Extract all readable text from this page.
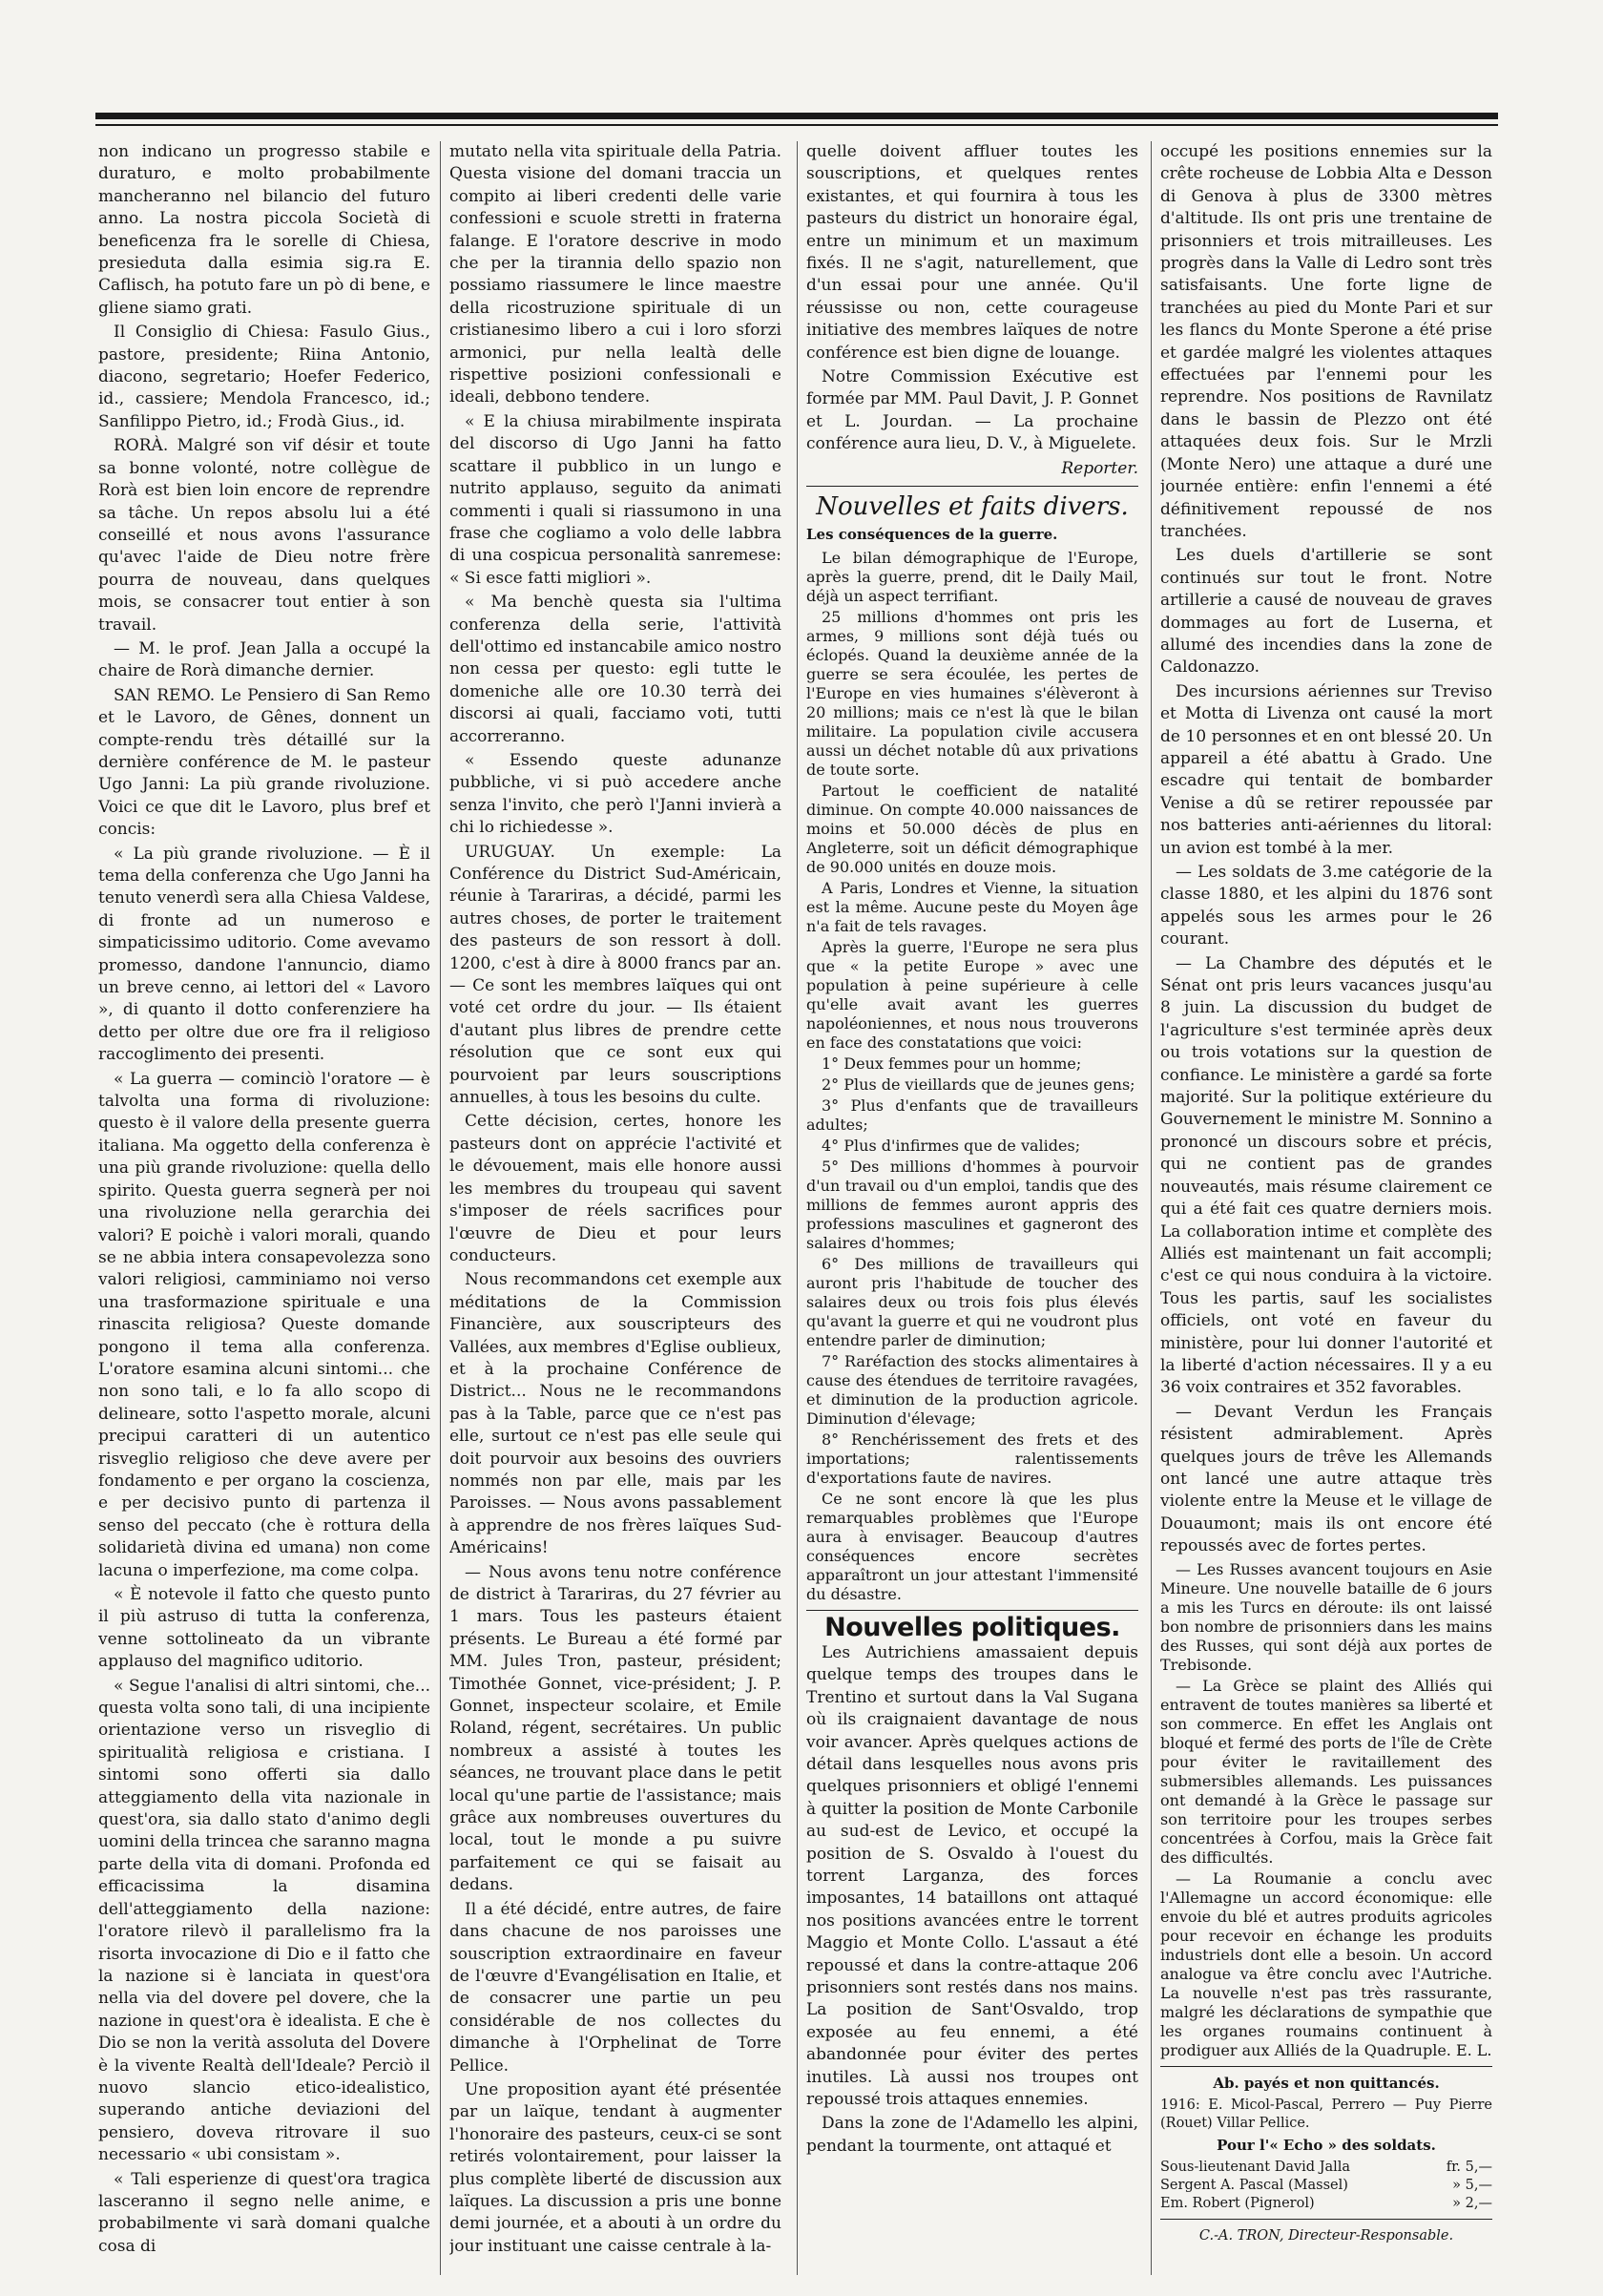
non indicano un progresso stabile e duraturo, e molto probabilmente mancheranno nel bilancio del futuro anno. La nostra piccola Società di beneficenza fra le sorelle di Chiesa, presieduta dalla esimia sig.ra E. Caflisch, ha potuto fare un pò di bene, e gliene siamo grati.

Il Consiglio di Chiesa: Fasulo Gius., pastore, presidente; Riina Antonio, diacono, segretario; Hoefer Federico, id., cassiere; Mendola Francesco, id.; Sanfilippo Pietro, id.; Frodà Gius., id.

RORÀ. Malgré son vif désir et toute sa bonne volonté, notre collègue de Rorà est bien loin encore de reprendre sa tâche. Un repos absolu lui a été conseillé et nous avons l'assurance qu'avec l'aide de Dieu notre frère pourra de nouveau, dans quelques mois, se consacrer tout entier à son travail.

— M. le prof. Jean Jalla a occupé la chaire de Rorà dimanche dernier.

SAN REMO. Le Pensiero di San Remo et le Lavoro, de Gênes, donnent un compte-rendu très détaillé sur la dernière conférence de M. le pasteur Ugo Janni: La più grande rivoluzione. Voici ce que dit le Lavoro, plus bref et concis:

« La più grande rivoluzione. — È il tema della conferenza che Ugo Janni ha tenuto venerdì sera alla Chiesa Valdese, di fronte ad un numeroso e simpaticissimo uditorio. Come avevamo promesso, dandone l'annuncio, diamo un breve cenno, ai lettori del « Lavoro », di quanto il dotto conferenziere ha detto per oltre due ore fra il religioso raccoglimento dei presenti.

« La guerra — cominciò l'oratore — è talvolta una forma di rivoluzione: questo è il valore della presente guerra italiana. Ma oggetto della conferenza è una più grande rivoluzione: quella dello spirito. Questa guerra segnerà per noi una rivoluzione nella gerarchia dei valori? E poichè i valori morali, quando se ne abbia intera consapevolezza sono valori religiosi, camminiamo noi verso una trasformazione spirituale e una rinascita religiosa? Queste domande pongono il tema alla conferenza. L'oratore esamina alcuni sintomi... che non sono tali, e lo fa allo scopo di delineare, sotto l'aspetto morale, alcuni precipui caratteri di un autentico risveglio religioso che deve avere per fondamento e per organo la coscienza, e per decisivo punto di partenza il senso del peccato (che è rottura della solidarietà divina ed umana) non come lacuna o imperfezione, ma come colpa.

« È notevole il fatto che questo punto il più astruso di tutta la conferenza, venne sottolineato da un vibrante applauso del magnifico uditorio.

« Segue l'analisi di altri sintomi, che... questa volta sono tali, di una incipiente orientazione verso un risveglio di spiritualità religiosa e cristiana. I sintomi sono offerti sia dallo atteggiamento della vita nazionale in quest'ora, sia dallo stato d'animo degli uomini della trincea che saranno magna parte della vita di domani. Profonda ed efficacissima la disamina dell'atteggiamento della nazione: l'oratore rilevò il parallelismo fra la risorta invocazione di Dio e il fatto che la nazione si è lanciata in quest'ora nella via del dovere pel dovere, che la nazione in quest'ora è idealista. E che è Dio se non la verità assoluta del Dovere è la vivente Realtà dell'Ideale? Perciò il nuovo slancio etico-idealistico, superando antiche deviazioni del pensiero, doveva ritrovare il suo necessario « ubi consistam ».

« Tali esperienze di quest'ora tragica lasceranno il segno nelle anime, e probabilmente vi sarà domani qualche cosa di

mutato nella vita spirituale della Patria. Questa visione del domani traccia un compito ai liberi credenti delle varie confessioni e scuole stretti in fraterna falange. E l'oratore descrive in modo che per la tirannia dello spazio non possiamo riassumere le lince maestre della ricostruzione spirituale di un cristianesimo libero a cui i loro sforzi armonici, pur nella lealtà delle rispettive posizioni confessionali e ideali, debbono tendere.

« E la chiusa mirabilmente inspirata del discorso di Ugo Janni ha fatto scattare il pubblico in un lungo e nutrito applauso, seguito da animati commenti i quali si riassumono in una frase che cogliamo a volo delle labbra di una cospicua personalità sanremese: « Si esce fatti migliori ».

« Ma benchè questa sia l'ultima conferenza della serie, l'attività dell'ottimo ed instancabile amico nostro non cessa per questo: egli tutte le domeniche alle ore 10.30 terrà dei discorsi ai quali, facciamo voti, tutti accorreranno.

« Essendo queste adunanze pubbliche, vi si può accedere anche senza l'invito, che però l'Janni invierà a chi lo richiedesse ».

URUGUAY. Un exemple: La Conférence du District Sud-Américain, réunie à Tarariras, a décidé, parmi les autres choses, de porter le traitement des pasteurs de son ressort à doll. 1200, c'est à dire à 8000 francs par an. — Ce sont les membres laïques qui ont voté cet ordre du jour. — Ils étaient d'autant plus libres de prendre cette résolution que ce sont eux qui pourvoient par leurs souscriptions annuelles, à tous les besoins du culte.

Cette décision, certes, honore les pasteurs dont on apprécie l'activité et le dévouement, mais elle honore aussi les membres du troupeau qui savent s'imposer de réels sacrifices pour l'œuvre de Dieu et pour leurs conducteurs.

Nous recommandons cet exemple aux méditations de la Commission Financière, aux souscripteurs des Vallées, aux membres d'Eglise oublieux, et à la prochaine Conférence de District... Nous ne le recommandons pas à la Table, parce que ce n'est pas elle, surtout ce n'est pas elle seule qui doit pourvoir aux besoins des ouvriers nommés non par elle, mais par les Paroisses. — Nous avons passablement à apprendre de nos frères laïques Sud-Américains!

— Nous avons tenu notre conférence de district à Tarariras, du 27 février au 1 mars. Tous les pasteurs étaient présents. Le Bureau a été formé par MM. Jules Tron, pasteur, président; Timothée Gonnet, vice-président; J. P. Gonnet, inspecteur scolaire, et Emile Roland, régent, secrétaires. Un public nombreux a assisté à toutes les séances, ne trouvant place dans le petit local qu'une partie de l'assistance; mais grâce aux nombreuses ouvertures du local, tout le monde a pu suivre parfaitement ce qui se faisait au dedans.

Il a été décidé, entre autres, de faire dans chacune de nos paroisses une souscription extraordinaire en faveur de l'œuvre d'Evangélisation en Italie, et de consacrer une partie un peu considérable de nos collectes du dimanche à l'Orphelinat de Torre Pellice.

Une proposition ayant été présentée par un laïque, tendant à augmenter l'honoraire des pasteurs, ceux-ci se sont retirés volontairement, pour laisser la plus complète liberté de discussion aux laïques. La discussion a pris une bonne demi journée, et a abouti à un ordre du jour instituant une caisse centrale à la-

quelle doivent affluer toutes les souscriptions, et quelques rentes existantes, et qui fournira à tous les pasteurs du district un honoraire égal, entre un minimum et un maximum fixés. Il ne s'agit, naturellement, que d'un essai pour une année. Qu'il réussisse ou non, cette courageuse initiative des membres laïques de notre conférence est bien digne de louange.

Notre Commission Exécutive est formée par MM. Paul Davit, J. P. Gonnet et L. Jourdan. — La prochaine conférence aura lieu, D. V., à Miguelete.

Reporter.

Nouvelles et faits divers.

Les conséquences de la guerre.

Le bilan démographique de l'Europe, après la guerre, prend, dit le Daily Mail, déjà un aspect terrifiant.

25 millions d'hommes ont pris les armes, 9 millions sont déjà tués ou éclopés. Quand la deuxième année de la guerre se sera écoulée, les pertes de l'Europe en vies humaines s'élèveront à 20 millions; mais ce n'est là que le bilan militaire. La population civile accusera aussi un déchet notable dû aux privations de toute sorte.

Partout le coefficient de natalité diminue. On compte 40.000 naissances de moins et 50.000 décès de plus en Angleterre, soit un déficit démographique de 90.000 unités en douze mois.

A Paris, Londres et Vienne, la situation est la même. Aucune peste du Moyen âge n'a fait de tels ravages.

Après la guerre, l'Europe ne sera plus que « la petite Europe » avec une population à peine supérieure à celle qu'elle avait avant les guerres napoléoniennes, et nous nous trouverons en face des constatations que voici:

1° Deux femmes pour un homme;

2° Plus de vieillards que de jeunes gens;

3° Plus d'enfants que de travailleurs adultes;

4° Plus d'infirmes que de valides;

5° Des millions d'hommes à pourvoir d'un travail ou d'un emploi, tandis que des millions de femmes auront appris des professions masculines et gagneront des salaires d'hommes;

6° Des millions de travailleurs qui auront pris l'habitude de toucher des salaires deux ou trois fois plus élevés qu'avant la guerre et qui ne voudront plus entendre parler de diminution;

7° Raréfaction des stocks alimentaires à cause des étendues de territoire ravagées, et diminution de la production agricole. Diminution d'élevage;

8° Renchérissement des frets et des importations; ralentissements d'exportations faute de navires.

Ce ne sont encore là que les plus remarquables problèmes que l'Europe aura à envisager. Beaucoup d'autres conséquences encore secrètes apparaîtront un jour attestant l'immensité du désastre.

Nouvelles politiques.

Les Autrichiens amassaient depuis quelque temps des troupes dans le Trentino et surtout dans la Val Sugana où ils craignaient davantage de nous voir avancer. Après quelques actions de détail dans lesquelles nous avons pris quelques prisonniers et obligé l'ennemi à quitter la position de Monte Carbonile au sud-est de Levico, et occupé la position de S. Osvaldo à l'ouest du torrent Larganza, des forces imposantes, 14 bataillons ont attaqué nos positions avancées entre le torrent Maggio et Monte Collo. L'assaut a été repoussé et dans la contre-attaque 206 prisonniers sont restés dans nos mains. La position de Sant'Osvaldo, trop exposée au feu ennemi, a été abandonnée pour éviter des pertes inutiles. Là aussi nos troupes ont repoussé trois attaques ennemies.

Dans la zone de l'Adamello les alpini, pendant la tourmente, ont attaqué et

occupé les positions ennemies sur la crête rocheuse de Lobbia Alta e Desson di Genova à plus de 3300 mètres d'altitude. Ils ont pris une trentaine de prisonniers et trois mitrailleuses. Les progrès dans la Valle di Ledro sont très satisfaisants. Une forte ligne de tranchées au pied du Monte Pari et sur les flancs du Monte Sperone a été prise et gardée malgré les violentes attaques effectuées par l'ennemi pour les reprendre. Nos positions de Ravnilatz dans le bassin de Plezzo ont été attaquées deux fois. Sur le Mrzli (Monte Nero) une attaque a duré une journée entière: enfin l'ennemi a été définitivement repoussé de nos tranchées.

Les duels d'artillerie se sont continués sur tout le front. Notre artillerie a causé de nouveau de graves dommages au fort de Luserna, et allumé des incendies dans la zone de Caldonazzo.

Des incursions aériennes sur Treviso et Motta di Livenza ont causé la mort de 10 personnes et en ont blessé 20. Un appareil a été abattu à Grado. Une escadre qui tentait de bombarder Venise a dû se retirer repoussée par nos batteries anti-aériennes du litoral: un avion est tombé à la mer.

— Les soldats de 3.me catégorie de la classe 1880, et les alpini du 1876 sont appelés sous les armes pour le 26 courant.

— La Chambre des députés et le Sénat ont pris leurs vacances jusqu'au 8 juin. La discussion du budget de l'agriculture s'est terminée après deux ou trois votations sur la question de confiance. Le ministère a gardé sa forte majorité. Sur la politique extérieure du Gouvernement le ministre M. Sonnino a prononcé un discours sobre et précis, qui ne contient pas de grandes nouveautés, mais résume clairement ce qui a été fait ces quatre derniers mois. La collaboration intime et complète des Alliés est maintenant un fait accompli; c'est ce qui nous conduira à la victoire. Tous les partis, sauf les socialistes officiels, ont voté en faveur du ministère, pour lui donner l'autorité et la liberté d'action nécessaires. Il y a eu 36 voix contraires et 352 favorables.

— Devant Verdun les Français résistent admirablement. Après quelques jours de trêve les Allemands ont lancé une autre attaque très violente entre la Meuse et le village de Douaumont; mais ils ont encore été repoussés avec de fortes pertes.

— Les Russes avancent toujours en Asie Mineure. Une nouvelle bataille de 6 jours a mis les Turcs en déroute: ils ont laissé bon nombre de prisonniers dans les mains des Russes, qui sont déjà aux portes de Trebisonde.

— La Grèce se plaint des Alliés qui entravent de toutes manières sa liberté et son commerce. En effet les Anglais ont bloqué et fermé des ports de l'île de Crète pour éviter le ravitaillement des submersibles allemands. Les puissances ont demandé à la Grèce le passage sur son territoire pour les troupes serbes concentrées à Corfou, mais la Grèce fait des difficultés.

— La Roumanie a conclu avec l'Allemagne un accord économique: elle envoie du blé et autres produits agricoles pour recevoir en échange les produits industriels dont elle a besoin. Un accord analogue va être conclu avec l'Autriche. La nouvelle n'est pas très rassurante, malgré les déclarations de sympathie que les organes roumains continuent à prodiguer aux Alliés de la Quadruple. E. L.

Ab. payés et non quittancés.

1916: E. Micol-Pascal, Perrero — Puy Pierre (Rouet) Villar Pellice.

Pour l'« Echo » des soldats.

Sous-lieutenant David Jalla	fr. 5,—
Sergent A. Pascal (Massel)	» 5,—
Em. Robert (Pignerol)	» 2,—
C.-A. TRON, Directeur-Responsable.
